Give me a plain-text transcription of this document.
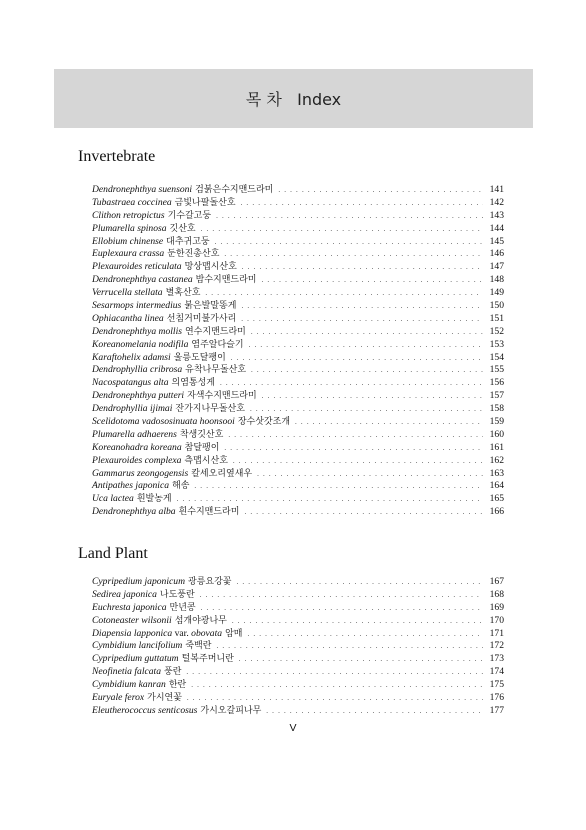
목 차   Index
Invertebrate
Dendronephthya suensoni 검붉은수지맨드라미 . . .	141
Tubastraea coccinea 금빛나팔돌산호 . . .	142
Clithon retropictus 기수갈고둥 . . .	143
Plumarella spinosa 깃산호 . . .	144
Ellobium chinense 대추귀고둥 . . .	145
Euplexaura crassa 둔한진총산호 . . .	146
Plexauroides reticulata 망상맵시산호 . . .	147
Dendronephthya castanea 밤수지맨드라미 . . .	148
Verrucella stellata 별혹산호 . . .	149
Sesarmops intermedius 붉은발말똥게 . . .	150
Ophiacantha linea 선침거미불가사리 . . .	151
Dendronephthya mollis 연수지맨드라미 . . .	152
Koreanomelania nodifila 염주알다슬기 . . .	153
Karaftohelix adamsi 울릉도달팽이 . . .	154
Dendrophyllia cribrosa 유착나무돌산호 . . .	155
Nacospatangus alta 의염통성게 . . .	156
Dendronephthya putteri 자색수지맨드라미 . . .	157
Dendrophyllia ijimai 잔가지나무돌산호 . . .	158
Scelidotoma vadososinuata hoonsooi 장수삿갓조개 . . .	159
Plumarella adhaerens 착생깃산호 . . .	160
Koreanohadra koreana 참달팽이 . . .	161
Plexauroides complexa 측맵시산호 . . .	162
Gammarus zeongogensis 칼세오리옆새우 . . .	163
Antipathes japonica 해송 . . .	164
Uca lactea 흰발농게 . . .	165
Dendronephthya alba 흰수지맨드라미 . . .	166
Land Plant
Cypripedium japonicum 광릉요강꽃 . . .	167
Sedirea japonica 나도풍란 . . .	168
Euchresta japonica 만년콩 . . .	169
Cotoneaster wilsonii 섬개야광나무 . . .	170
Diapensia lapponica var. obovata 암매 . . .	171
Cymbidium lancifolium 죽백란 . . .	172
Cypripedium guttatum 털복주머니란 . . .	173
Neofinetia falcata 풍란 . . .	174
Cymbidium kanran 한란 . . .	175
Euryale ferox 가시연꽃 . . .	176
Eleutherococcus senticosus 가시오갈피나무 . . .	177
V
